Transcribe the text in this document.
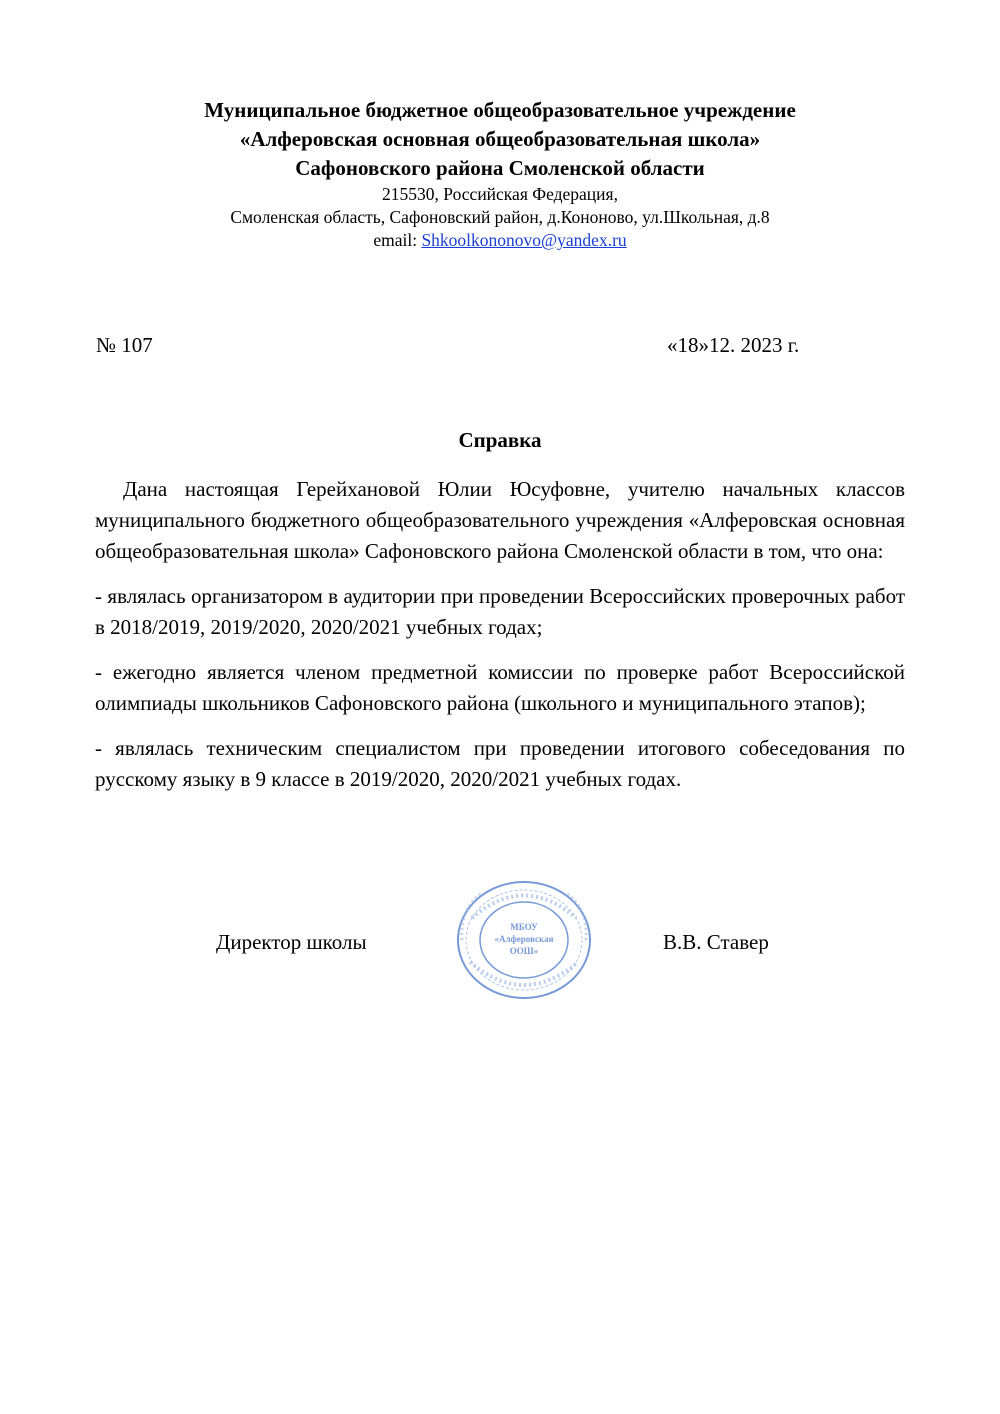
Муниципальное бюджетное общеобразовательное учреждение
«Алферовская основная общеобразовательная школа»
Сафоновского района Смоленской области
215530, Российская Федерация,
Смоленская область, Сафоновский район, д.Кононово, ул.Школьная, д.8
email: Shkoolkononovo@yandex.ru
№ 107	«18»12. 2023 г.
Справка

Дана настоящая Герейхановой Юлии Юсуфовне, учителю начальных классов муниципального бюджетного общеобразовательного учреждения «Алферовская основная общеобразовательная школа» Сафоновского района Смоленской области в том, что она:

- являлась организатором в аудитории при проведении Всероссийских проверочных работ в 2018/2019, 2019/2020, 2020/2021 учебных годах;

- ежегодно является членом предметной комиссии по проверке работ Всероссийской олимпиады школьников Сафоновского района (школьного и муниципального этапов);

- являлась техническим специалистом при проведении итогового собеседования по русскому языку в 9 классе в 2019/2020, 2020/2021 учебных годах.

Директор школы	В.В. Ставер
МБОУ
«Алферовская
ООШ»
